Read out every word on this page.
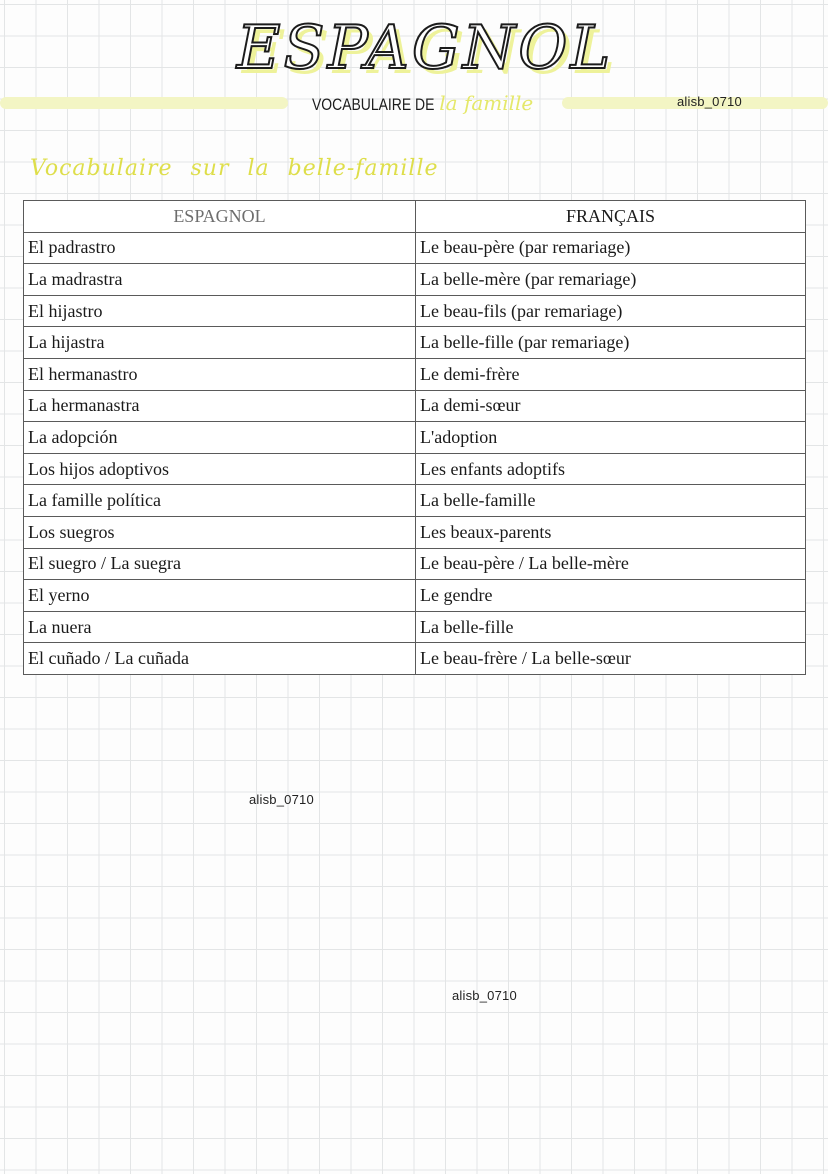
ESPAGNOL
VOCABULAIRE DE la famille	alisb_0710
Vocabulaire sur la belle-famille
ESPAGNOL	FRANÇAIS
El padrastro	Le beau-père (par remariage)
La madrastra	La belle-mère (par remariage)
El hijastro	Le beau-fils (par remariage)
La hijastra	La belle-fille (par remariage)
El hermanastro	Le demi-frère
La hermanastra	La demi-sœur
La adopción	L'adoption
Los hijos adoptivos	Les enfants adoptifs
La famille política	La belle-famille
Los suegros	Les beaux-parents
El suegro / La suegra	Le beau-père / La belle-mère
El yerno	Le gendre
La nuera	La belle-fille
El cuñado / La cuñada	Le beau-frère / La belle-sœur
alisb_0710
alisb_0710
